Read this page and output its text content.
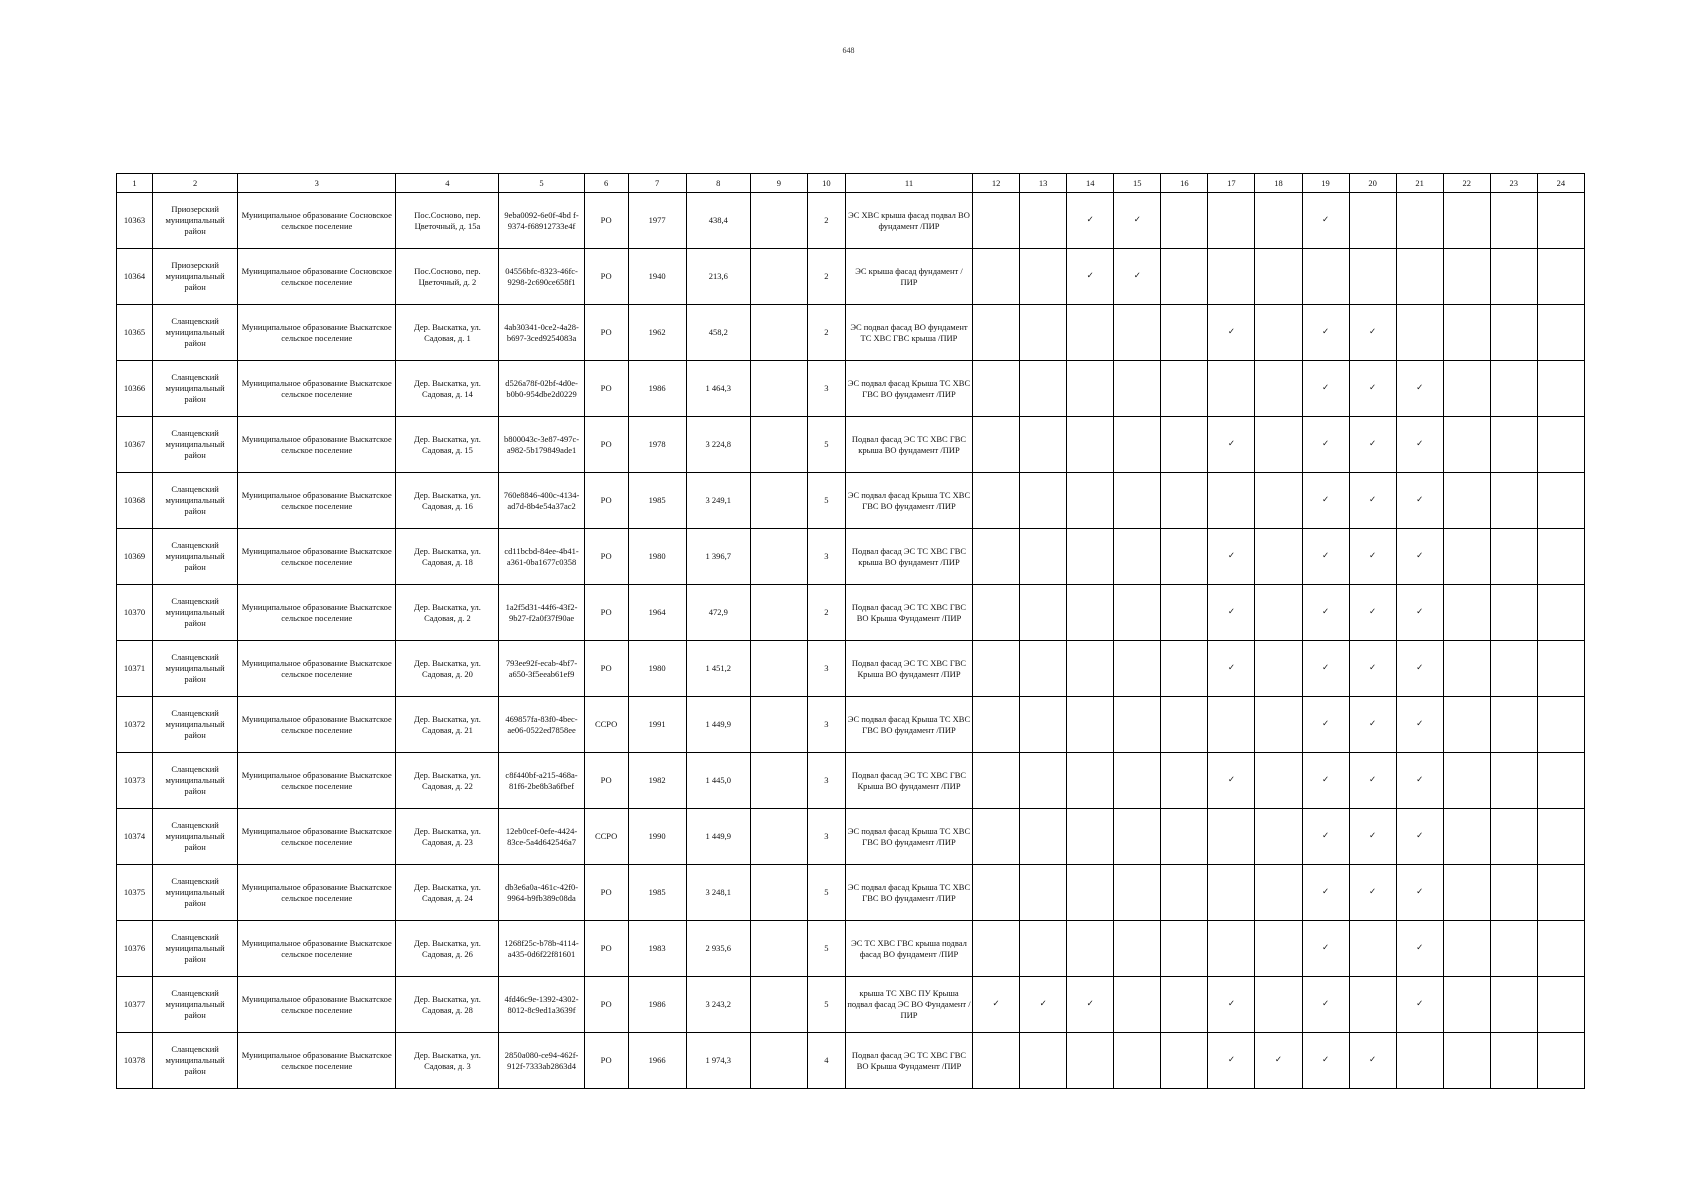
648
1	2	3	4	5	6	7	8	9	10	11	12	13	14	15	16	17	18	19	20	21	22	23	24
10363	Приозерский муниципальный район	Муниципальное образование Сосновское сельское поселение	Пос.Сосново, пер. Цветочный, д. 15а	9eba0092-6e0f-4bd f-9374-f68912733e4f	РО	1977	438,4		2	ЭС ХВС крыша фасад подвал ВО фундамент /ПИР			✓	✓				✓					
10364	Приозерский муниципальный район	Муниципальное образование Сосновское сельское поселение	Пос.Сосново, пер. Цветочный, д. 2	04556bfc-8323-46fc-9298-2c690ce658f1	РО	1940	213,6		2	ЭС крыша фасад фундамент /ПИР			✓	✓									
10365	Сланцевский муниципальный район	Муниципальное образование Выскатское сельское поселение	Дер. Выскатка, ул. Садовая, д. 1	4ab30341-0ce2-4a28-b697-3ced9254083a	РО	1962	458,2		2	ЭС подвал фасад ВО фундамент ТС ХВС ГВС крыша /ПИР						✓		✓	✓				
10366	Сланцевский муниципальный район	Муниципальное образование Выскатское сельское поселение	Дер. Выскатка, ул. Садовая, д. 14	d526a78f-02bf-4d0e-b0b0-954dbe2d0229	РО	1986	1 464,3		3	ЭС подвал фасад Крыша ТС ХВС ГВС ВО фундамент /ПИР								✓	✓	✓			
10367	Сланцевский муниципальный район	Муниципальное образование Выскатское сельское поселение	Дер. Выскатка, ул. Садовая, д. 15	b800043c-3e87-497c-a982-5b179849ade1	РО	1978	3 224,8		5	Подвал фасад ЭС ТС ХВС ГВС крыша ВО фундамент /ПИР						✓		✓	✓	✓			
10368	Сланцевский муниципальный район	Муниципальное образование Выскатское сельское поселение	Дер. Выскатка, ул. Садовая, д. 16	760e8846-400c-4134-ad7d-8b4e54a37ac2	РО	1985	3 249,1		5	ЭС подвал фасад Крыша ТС ХВС ГВС ВО фундамент /ПИР								✓	✓	✓			
10369	Сланцевский муниципальный район	Муниципальное образование Выскатское сельское поселение	Дер. Выскатка, ул. Садовая, д. 18	cd11bcbd-84ee-4b41-a361-0ba1677c0358	РО	1980	1 396,7		3	Подвал фасад ЭС ТС ХВС ГВС крыша ВО фундамент /ПИР						✓		✓	✓	✓			
10370	Сланцевский муниципальный район	Муниципальное образование Выскатское сельское поселение	Дер. Выскатка, ул. Садовая, д. 2	1a2f5d31-44f6-43f2-9b27-f2a0f37f90ae	РО	1964	472,9		2	Подвал фасад ЭС ТС ХВС ГВС ВО Крыша Фундамент /ПИР						✓		✓	✓	✓			
10371	Сланцевский муниципальный район	Муниципальное образование Выскатское сельское поселение	Дер. Выскатка, ул. Садовая, д. 20	793ee92f-ecab-4bf7-a650-3f5eeab61ef9	РО	1980	1 451,2		3	Подвал фасад ЭС ТС ХВС ГВС Крыша ВО фундамент /ПИР						✓		✓	✓	✓			
10372	Сланцевский муниципальный район	Муниципальное образование Выскатское сельское поселение	Дер. Выскатка, ул. Садовая, д. 21	469857fa-83f0-4bec-ae06-0522ed7858ee	ССРО	1991	1 449,9		3	ЭС подвал фасад Крыша ТС ХВС ГВС ВО фундамент /ПИР								✓	✓	✓			
10373	Сланцевский муниципальный район	Муниципальное образование Выскатское сельское поселение	Дер. Выскатка, ул. Садовая, д. 22	c8f440bf-a215-468a-81f6-2be8b3a6fbef	РО	1982	1 445,0		3	Подвал фасад ЭС ТС ХВС ГВС Крыша ВО фундамент /ПИР						✓		✓	✓	✓			
10374	Сланцевский муниципальный район	Муниципальное образование Выскатское сельское поселение	Дер. Выскатка, ул. Садовая, д. 23	12eb0cef-0efe-4424-83ce-5a4d642546a7	ССРО	1990	1 449,9		3	ЭС подвал фасад Крыша ТС ХВС ГВС ВО фундамент /ПИР								✓	✓	✓			
10375	Сланцевский муниципальный район	Муниципальное образование Выскатское сельское поселение	Дер. Выскатка, ул. Садовая, д. 24	db3e6a0a-461c-42f0-9964-b9fb389c08da	РО	1985	3 248,1		5	ЭС подвал фасад Крыша ТС ХВС ГВС ВО фундамент /ПИР								✓	✓	✓			
10376	Сланцевский муниципальный район	Муниципальное образование Выскатское сельское поселение	Дер. Выскатка, ул. Садовая, д. 26	1268f25c-b78b-4114-a435-0d6f22f81601	РО	1983	2 935,6		5	ЭС ТС ХВС ГВС крыша подвал фасад ВО фундамент /ПИР								✓		✓			
10377	Сланцевский муниципальный район	Муниципальное образование Выскатское сельское поселение	Дер. Выскатка, ул. Садовая, д. 28	4fd46c9e-1392-4302-8012-8c9ed1a3639f	РО	1986	3 243,2		5	крыша ТС ХВС ПУ Крыша подвал фасад ЭС ВО Фундамент /ПИР	✓	✓	✓			✓		✓		✓			
10378	Сланцевский муниципальный район	Муниципальное образование Выскатское сельское поселение	Дер. Выскатка, ул. Садовая, д. 3	2850a080-ce94-462f-912f-7333ab2863d4	РО	1966	1 974,3		4	Подвал фасад ЭС ТС ХВС ГВС ВО Крыша Фундамент /ПИР						✓	✓	✓	✓				
